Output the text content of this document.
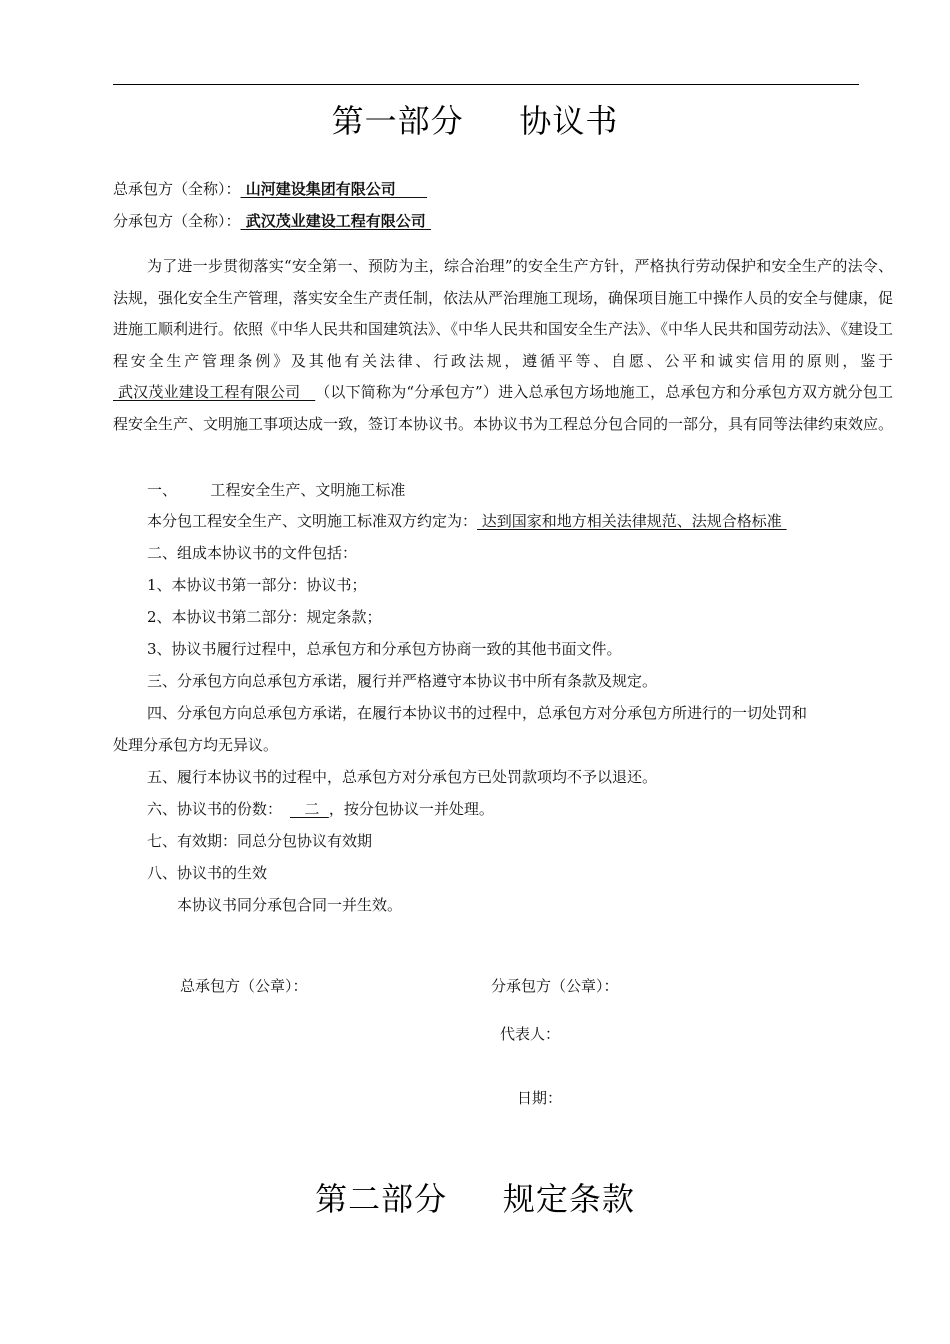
第一部分     协议书
总承包方（全称）： 山河建设集团有限公司
分承包方（全称）： 武汉茂业建设工程有限公司
为了进一步贯彻落实“安全第一、预防为主，综合治理”的安全生产方针，严格执行劳动保护和安全生产的法令、法规，强化安全生产管理，落实安全生产责任制，依法从严治理施工现场，确保项目施工中操作人员的安全与健康，促进施工顺利进行。依照《中华人民共和国建筑法》、《中华人民共和国安全生产法》、《中华人民共和国劳动法》、《建设工程安全生产管理条例》及其他有关法律、行政法规，遵循平等、自愿、公平和诚实信用的原则，鉴于 武汉茂业建设工程有限公司   （以下简称为“分承包方”）进入总承包方场地施工，总承包方和分承包方双方就分包工程安全生产、文明施工事项达成一致，签订本协议书。本协议书为工程总分包合同的一部分，具有同等法律约束效应。
一、       工程安全生产、文明施工标准
本分包工程安全生产、文明施工标准双方约定为： 达到国家和地方相关法律规范、法规合格标准
二、组成本协议书的文件包括：
1、本协议书第一部分：协议书；
2、本协议书第二部分：规定条款；
3、协议书履行过程中，总承包方和分承包方协商一致的其他书面文件。
三、分承包方向总承包方承诺，履行并严格遵守本协议书中所有条款及规定。
四、分承包方向总承包方承诺，在履行本协议书的过程中，总承包方对分承包方所进行的一切处罚和
处理分承包方均无异议。
五、履行本协议书的过程中，总承包方对分承包方已处罚款项均不予以退还。
六、协议书的份数：   二  ，按分包协议一并处理。
七、有效期：同总分包协议有效期
八、协议书的生效
本协议书同分承包合同一并生效。
总承包方（公章）：	分承包方（公章）：
代表人：
日期：
第二部分     规定条款
